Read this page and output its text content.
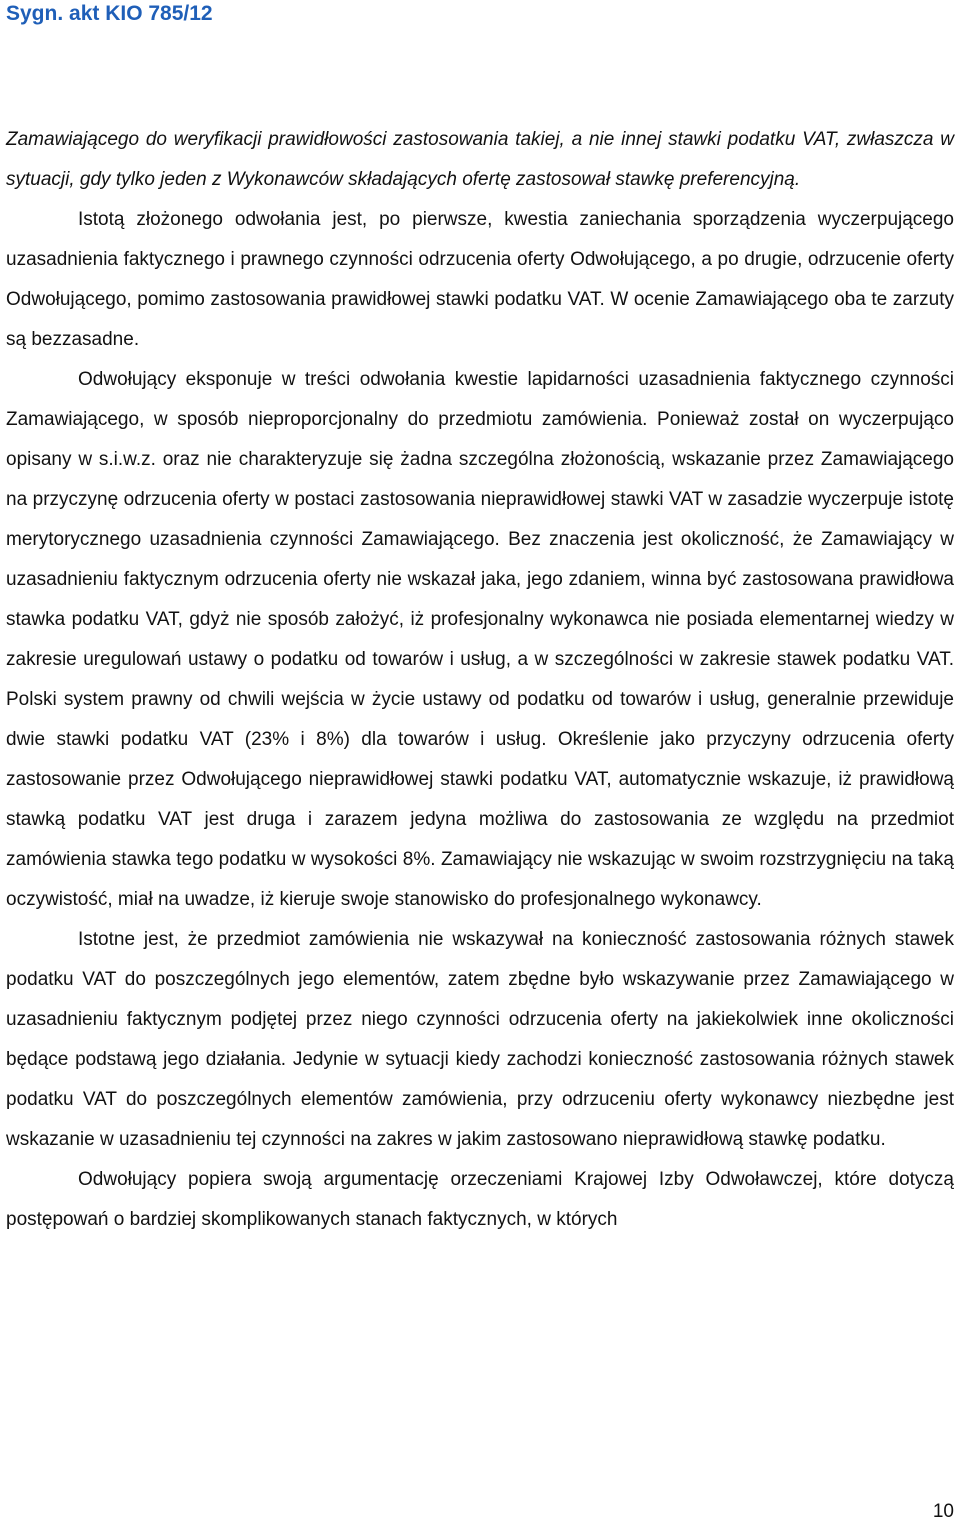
Sygn. akt KIO 785/12

Zamawiającego do weryfikacji prawidłowości zastosowania takiej, a nie innej stawki podatku VAT, zwłaszcza w sytuacji, gdy tylko jeden z Wykonawców składających ofertę zastosował stawkę preferencyjną.

Istotą złożonego odwołania jest, po pierwsze, kwestia zaniechania sporządzenia wyczerpującego uzasadnienia faktycznego i prawnego czynności odrzucenia oferty Odwołującego, a po drugie, odrzucenie oferty Odwołującego, pomimo zastosowania prawidłowej stawki podatku VAT. W ocenie Zamawiającego oba te zarzuty są bezzasadne.

Odwołujący eksponuje w treści odwołania kwestie lapidarności uzasadnienia faktycznego czynności Zamawiającego, w sposób nieproporcjonalny do przedmiotu zamówienia. Ponieważ został on wyczerpująco opisany w s.i.w.z. oraz nie charakteryzuje się żadna szczególna złożonością, wskazanie przez Zamawiającego na przyczynę odrzucenia oferty w postaci zastosowania nieprawidłowej stawki VAT w zasadzie wyczerpuje istotę merytorycznego uzasadnienia czynności Zamawiającego. Bez znaczenia jest okoliczność, że Zamawiający w uzasadnieniu faktycznym odrzucenia oferty nie wskazał jaka, jego zdaniem, winna być zastosowana prawidłowa stawka podatku VAT, gdyż nie sposób założyć, iż profesjonalny wykonawca nie posiada elementarnej wiedzy w zakresie uregulowań ustawy o podatku od towarów i usług, a w szczególności w zakresie stawek podatku VAT. Polski system prawny od chwili wejścia w życie ustawy od podatku od towarów i usług, generalnie przewiduje dwie stawki podatku VAT (23% i 8%) dla towarów i usług. Określenie jako przyczyny odrzucenia oferty zastosowanie przez Odwołującego nieprawidłowej stawki podatku VAT, automatycznie wskazuje, iż prawidłową stawką podatku VAT jest druga i zarazem jedyna możliwa do zastosowania ze względu na przedmiot zamówienia stawka tego podatku w wysokości 8%. Zamawiający nie wskazując w swoim rozstrzygnięciu na taką oczywistość, miał na uwadze, iż kieruje swoje stanowisko do profesjonalnego wykonawcy.

Istotne jest, że przedmiot zamówienia nie wskazywał na konieczność zastosowania różnych stawek podatku VAT do poszczególnych jego elementów, zatem zbędne było wskazywanie przez Zamawiającego w uzasadnieniu faktycznym podjętej przez niego czynności odrzucenia oferty na jakiekolwiek inne okoliczności będące podstawą jego działania. Jedynie w sytuacji kiedy zachodzi konieczność zastosowania różnych stawek podatku VAT do poszczególnych elementów zamówienia, przy odrzuceniu oferty wykonawcy niezbędne jest wskazanie w uzasadnieniu tej czynności na zakres w jakim zastosowano nieprawidłową stawkę podatku.

Odwołujący popiera swoją argumentację orzeczeniami Krajowej Izby Odwoławczej, które dotyczą postępowań o bardziej skomplikowanych stanach faktycznych, w których

10
